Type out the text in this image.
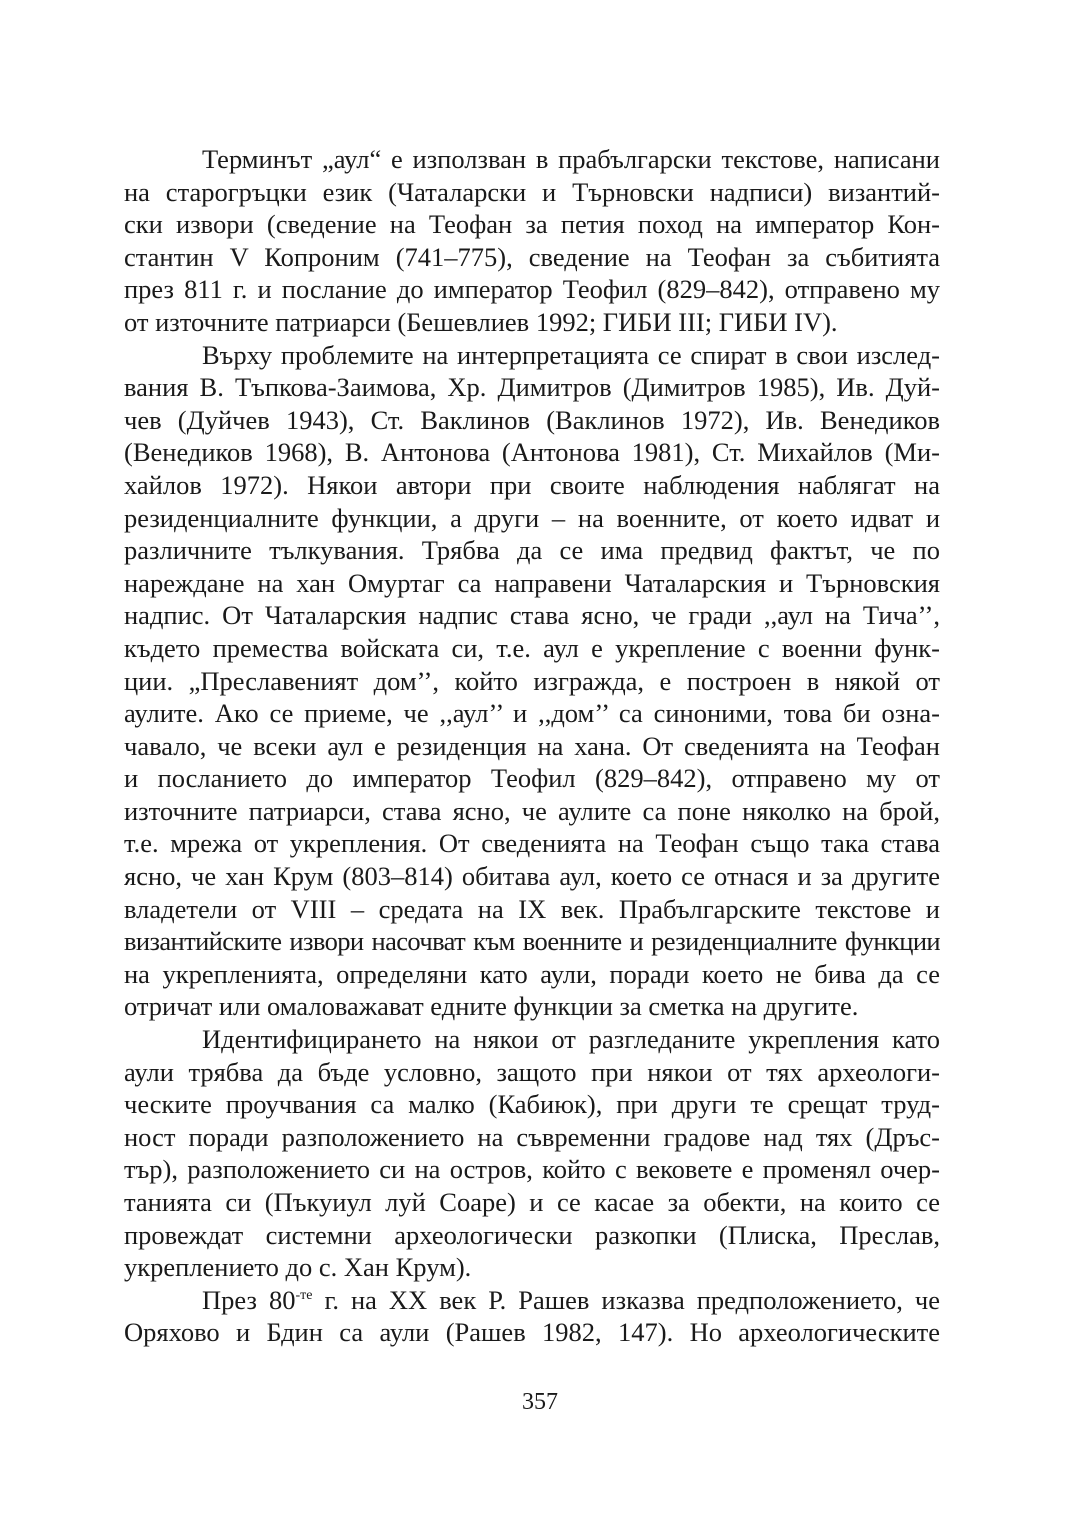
Терминът „аул“ е използван в прабългарски текстове, написани
на старогръцки език (Чаталарски и Търновски надписи) византий-
ски извори (сведение на Теофан за петия поход на император Кон-
стантин V Копроним (741–775), сведение на Теофан за събитията
през 811 г. и послание до император Теофил (829–842), отправено му
от източните патриарси (Бешевлиев 1992; ГИБИ III; ГИБИ IV).

Върху проблемите на интерпретацията се спират в свои изслед-
вания В. Тъпкова-Заимова, Хр. Димитров (Димитров 1985), Ив. Дуй-
чев (Дуйчев 1943), Ст. Ваклинов (Ваклинов 1972), Ив. Венедиков
(Венедиков 1968), В. Антонова (Антонова 1981), Ст. Михайлов (Ми-
хайлов 1972). Някои автори при своите наблюдения наблягат на
резиденциалните функции, а други – на военните, от което идват и
различните тълкувания. Трябва да се има предвид фактът, че по
нареждане на хан Омуртаг са направени Чаталарския и Търновския
надпис. От Чаталарския надпис става ясно, че гради ,,аул на Тича’’,
където премества войската си, т.е. аул е укрепление с военни функ-
ции. „Преславеният дом’’, който изгражда, е построен в някой от
аулите. Ако се приеме, че ,,аул’’ и ,,дом’’ са синоними, това би озна-
чавало, че всеки аул е резиденция на хана. От сведенията на Теофан
и посланието до император Теофил (829–842), отправено му от
източните патриарси, става ясно, че аулите са поне няколко на брой,
т.е. мрежа от укрепления. От сведенията на Теофан също така става
ясно, че хан Крум (803–814) обитава аул, което се отнася и за другите
владетели от VIII – средата на IX век. Прабългарските текстове и
византийските извори насочват към военните и резиденциалните функции
на укрепленията, определяни като аули, поради което не бива да се
отричат или омаловажават едните функции за сметка на другите.

Идентифицирането на някои от разгледаните укрепления като
аули трябва да бъде условно, защото при някои от тях археологи-
ческите проучвания са малко (Кабиюк), при други те срещат труд-
ност поради разположението на съвременни градове над тях (Дръс-
тър), разположението си на остров, който с вековете е променял очер-
танията си (Пъкуиул луй Соаре) и се касае за обекти, на които се
провеждат системни археологически разкопки (Плиска, Преслав,
укреплението до с. Хан Крум).

През $80^{-те}$ г. на XX век Р. Рашев изказва предположението, че
Оряхово и Бдин са аули (Рашев 1982, 147). Но археологическите

357
